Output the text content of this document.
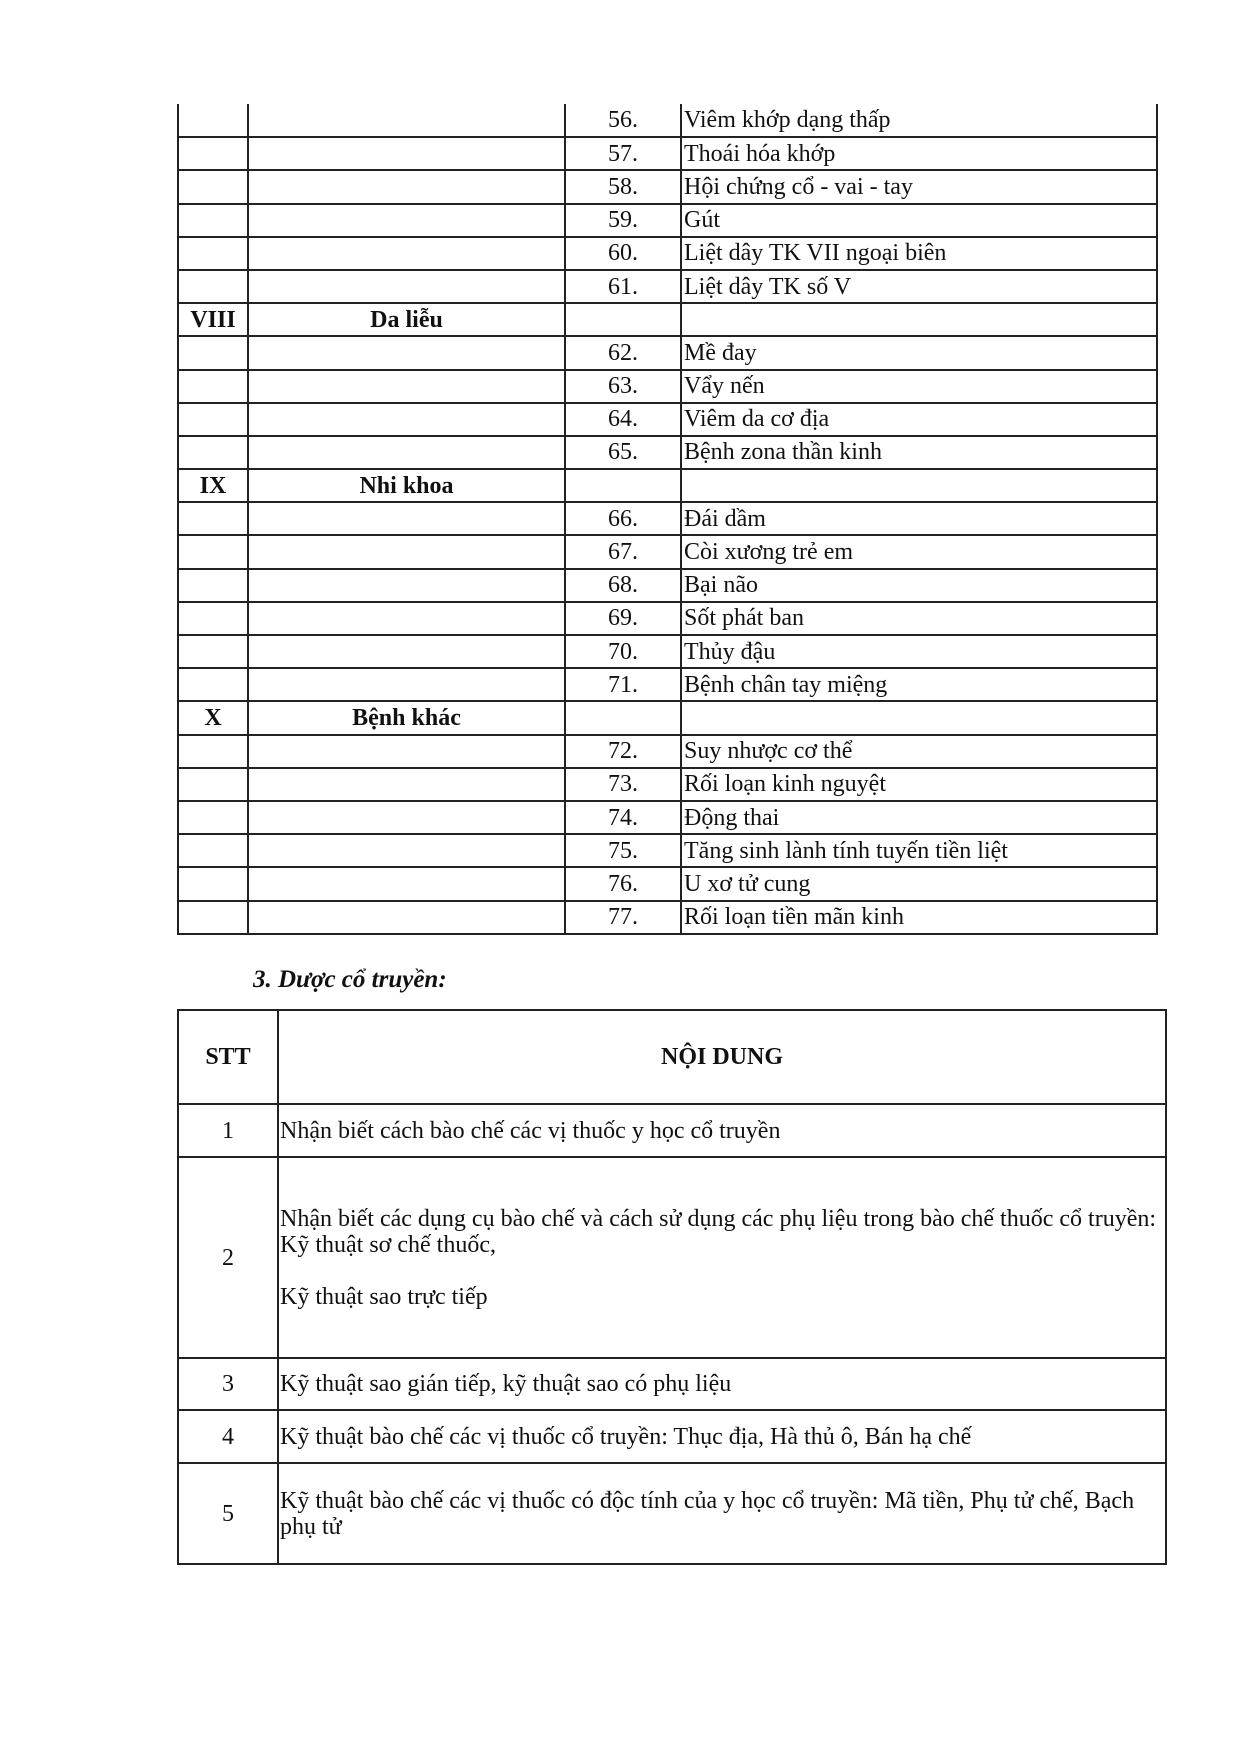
		56.	Viêm khớp dạng thấp
		57.	Thoái hóa khớp
		58.	Hội chứng cổ - vai - tay
		59.	Gút
		60.	Liệt dây TK VII ngoại biên
		61.	Liệt dây TK số V
VIII	Da liễu		
		62.	Mề đay
		63.	Vẩy nến
		64.	Viêm da cơ địa
		65.	Bệnh zona thần kinh
IX	Nhi khoa		
		66.	Đái dầm
		67.	Còi xương trẻ em
		68.	Bại não
		69.	Sốt phát ban
		70.	Thủy đậu
		71.	Bệnh chân tay miệng
X	Bệnh khác		
		72.	Suy nhược cơ thể
		73.	Rối loạn kinh nguyệt
		74.	Động thai
		75.	Tăng sinh lành tính tuyến tiền liệt
		76.	U xơ tử cung
		77.	Rối loạn tiền mãn kinh
3. Dược cổ truyền:
STT	NỘI DUNG
1	Nhận biết cách bào chế các vị thuốc y học cổ truyền

2	Nhận biết các dụng cụ bào chế và cách sử dụng các phụ liệu trong bào chế thuốc cổ truyền: Kỹ thuật sơ chế thuốc,
Kỹ thuật sao trực tiếp

3	Kỹ thuật sao gián tiếp, kỹ thuật sao có phụ liệu

4	Kỹ thuật bào chế các vị thuốc cổ truyền: Thục địa, Hà thủ ô, Bán hạ chế

5	Kỹ thuật bào chế các vị thuốc có độc tính của y học cổ truyền: Mã tiền, Phụ tử chế, Bạch phụ tử
